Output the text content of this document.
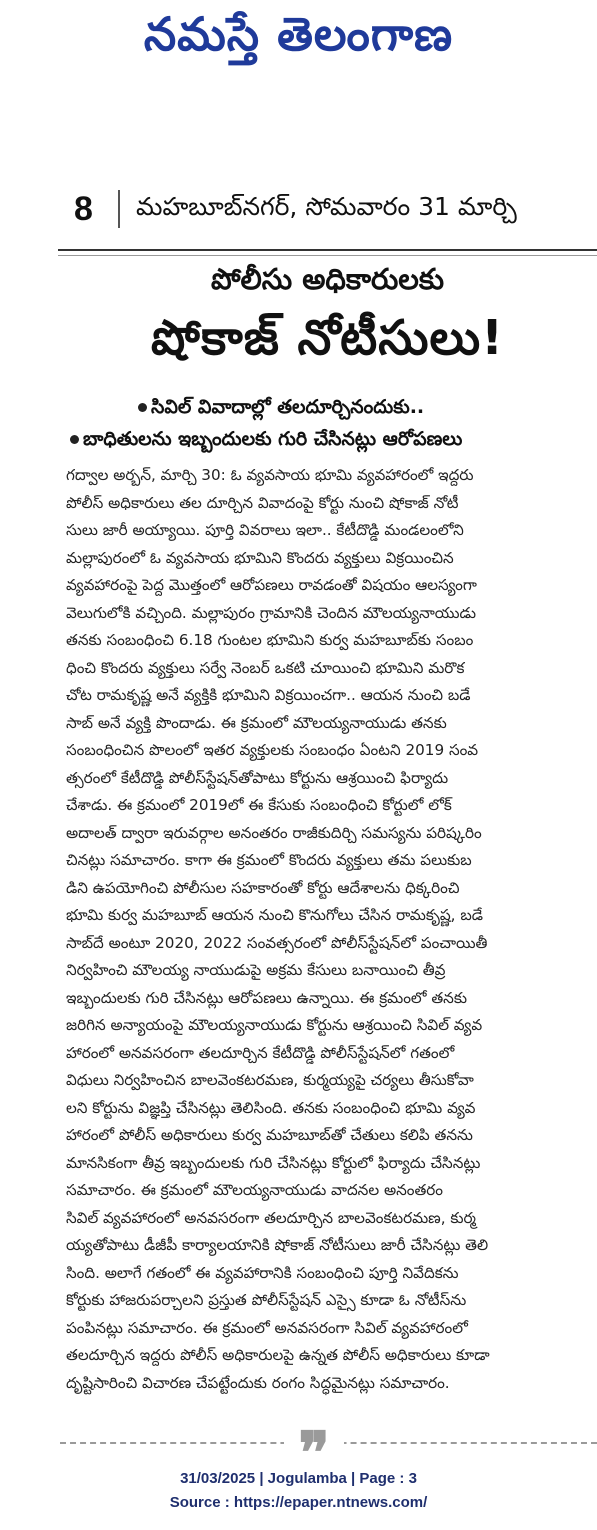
నమస్తే తెలంగాణ
8 మహబూబ్‌నగర్, సోమవారం 31 మార్చి
పోలీసు అధికారులకు
షోకాజ్ నోటీసులు!
సివిల్ వివాదాల్లో తలదూర్చినందుకు..
బాధితులను ఇబ్బందులకు గురి చేసినట్లు ఆరోపణలు
గద్వాల అర్బన్, మార్చి 30: ఓ వ్యవసాయ భూమి వ్యవహారంలో ఇద్దరు
పోలీస్ అధికారులు తల దూర్చిన వివాదంపై కోర్టు నుంచి షోకాజ్ నోటీ
సులు జారీ అయ్యాయి. పూర్తి వివరాలు ఇలా.. కేటీదొడ్డి మండలంలోని
మల్లాపురంలో ఓ వ్యవసాయ భూమిని కొందరు వ్యక్తులు విక్రయించిన
వ్యవహారంపై పెద్ద మొత్తంలో ఆరోపణలు రావడంతో విషయం ఆలస్యంగా
వెలుగులోకి వచ్చింది. మల్లాపురం గ్రామానికి చెందిన మౌలయ్యనాయుడు
తనకు సంబంధించి 6.18 గుంటల భూమిని కుర్వ మహబూబ్‌కు సంబం
ధించి కొందరు వ్యక్తులు సర్వే నెంబర్ ఒకటి చూయించి భూమిని మరొక
చోట రామకృష్ణ అనే వ్యక్తికి భూమిని విక్రయించగా.. ఆయన నుంచి బడే
సాబ్ అనే వ్యక్తి పొందాడు. ఈ క్రమంలో మౌలయ్యనాయుడు తనకు
సంబంధించిన పొలంలో ఇతర వ్యక్తులకు సంబంధం ఏంటని 2019 సంవ
త్సరంలో కేటీదొడ్డి పోలీస్‌స్టేషన్‌తోపాటు కోర్టును ఆశ్రయించి ఫిర్యాదు
చేశాడు. ఈ క్రమంలో 2019లో ఈ కేసుకు సంబంధించి కోర్టులో లోక్
అదాలత్ ద్వారా ఇరువర్గాల అనంతరం రాజీకుదిర్చి సమస్యను పరిష్కరిం
చినట్లు సమాచారం. కాగా ఈ క్రమంలో కొందరు వ్యక్తులు తమ పలుకుబ
డిని ఉపయోగించి పోలీసుల సహకారంతో కోర్టు ఆదేశాలను ధిక్కరించి
భూమి కుర్వ మహబూబ్ ఆయన నుంచి కొనుగోలు చేసిన రామకృష్ణ, బడే
సాబ్‌దే అంటూ 2020, 2022 సంవత్సరంలో పోలీస్‌స్టేషన్‌లో పంచాయితీ
నిర్వహించి మౌలయ్య నాయుడుపై అక్రమ కేసులు బనాయించి తీవ్ర
ఇబ్బందులకు గురి చేసినట్లు ఆరోపణలు ఉన్నాయి. ఈ క్రమంలో తనకు
జరిగిన అన్యాయంపై మౌలయ్యనాయుడు కోర్టును ఆశ్రయించి సివిల్ వ్యవ
హారంలో అనవసరంగా తలదూర్చిన కేటీదొడ్డి పోలీస్‌స్టేషన్‌లో గతంలో
విధులు నిర్వహించిన బాలవెంకటరమణ, కుర్మయ్యపై చర్యలు తీసుకోవా
లని కోర్టును విజ్ఞప్తి చేసినట్లు తెలిసింది. తనకు సంబంధించి భూమి వ్యవ
హారంలో పోలీస్ అధికారులు కుర్వ మహబూబ్‌తో చేతులు కలిపి తనను
మానసికంగా తీవ్ర ఇబ్బందులకు గురి చేసినట్లు కోర్టులో ఫిర్యాదు చేసినట్లు
సమాచారం. ఈ క్రమంలో మౌలయ్యనాయుడు వాదనల అనంతరం
సివిల్ వ్యవహారంలో అనవసరంగా తలదూర్చిన బాలవెంకటరమణ, కుర్మ
య్యతోపాటు డీజీపీ కార్యాలయానికి షోకాజ్ నోటీసులు జారీ చేసినట్లు తెలి
సింది. అలాగే గతంలో ఈ వ్యవహారానికి సంబంధించి పూర్తి నివేదికను
కోర్టుకు హాజరుపర్చాలని ప్రస్తుత పోలీస్‌స్టేషన్ ఎస్సై కూడా ఓ నోటీస్‌ను
పంపినట్లు సమాచారం. ఈ క్రమంలో అనవసరంగా సివిల్ వ్యవహారంలో
తలదూర్చిన ఇద్దరు పోలీస్ అధికారులపై ఉన్నత పోలీస్ అధికారులు కూడా
దృష్టిసారించి విచారణ చేపట్టేందుకు రంగం సిద్ధమైనట్లు సమాచారం.
❞
31/03/2025 | Jogulamba | Page : 3
Source : https://epaper.ntnews.com/
